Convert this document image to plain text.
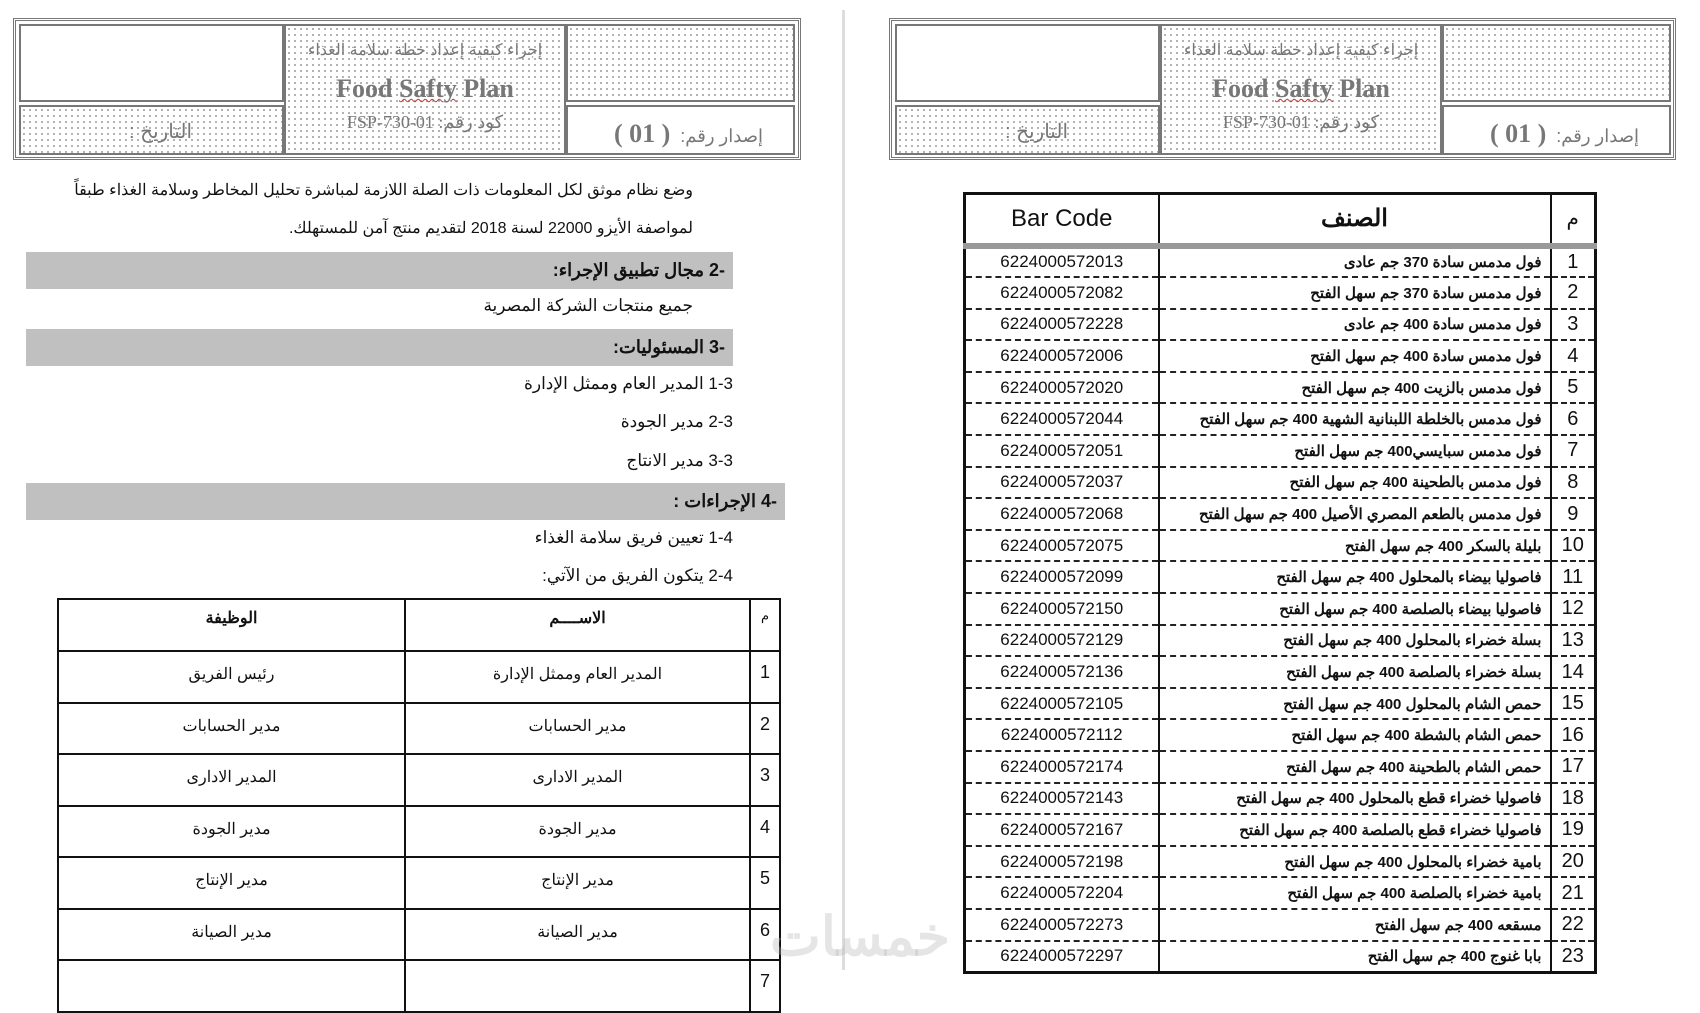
التاريخ :
إجراء كيفية إعداد خطة سلامة الغذاء
Food Safty Plan
كود رقم: FSP-730-01
إصدار رقم:( 01 )	التاريخ :
إجراء كيفية إعداد خطة سلامة الغذاء
Food Safty Plan
كود رقم: FSP-730-01
إصدار رقم:( 01 )
وضع نظام موثق لكل المعلومات ذات الصلة اللازمة لمباشرة تحليل المخاطر وسلامة الغذاء طبقاً
لمواصفة الأيزو 22000 لسنة 2018 لتقديم منتج آمن للمستهلك.
-2 مجال تطبيق الإجراء:
جميع منتجات الشركة المصرية
-3 المسئوليات:
1-3 المدير العام وممثل الإدارة
2-3 مدير الجودة
3-3 مدير الانتاج
-4 الإجراءات :
1-4 تعيين فريق سلامة الغذاء
2-4 يتكون الفريق من الآتي:
م	الاســــم	الوظيفة
1	المدير العام وممثل الإدارة	رئيس الفريق
2	مدير الحسابات	مدير الحسابات
3	المدير الادارى	المدير الادارى
4	مدير الجودة	مدير الجودة
5	مدير الإنتاج	مدير الإنتاج
6	مدير الصيانة	مدير الصيانة
7		
م	الصنف	Bar Code
1	فول مدمس سادة 370 جم عادى	6224000572013
2	فول مدمس سادة 370 جم سهل الفتح	6224000572082
3	فول مدمس سادة 400 جم عادى	6224000572228
4	فول مدمس سادة 400 جم سهل الفتح	6224000572006
5	فول مدمس بالزيت 400 جم سهل الفتح	6224000572020
6	فول مدمس بالخلطة اللبنانية الشهية 400 جم سهل الفتح	6224000572044
7	فول مدمس سبايسي400 جم سهل الفتح	6224000572051
8	فول مدمس بالطحينة 400 جم سهل الفتح	6224000572037
9	فول مدمس بالطعم المصري الأصيل 400 جم سهل الفتح	6224000572068
10	بليلة بالسكر 400 جم سهل الفتح	6224000572075
11	فاصوليا بيضاء بالمحلول 400 جم سهل الفتح	6224000572099
12	فاصوليا بيضاء بالصلصة 400 جم سهل الفتح	6224000572150
13	بسلة خضراء بالمحلول 400 جم سهل الفتح	6224000572129
14	بسلة خضراء بالصلصة 400 جم سهل الفتح	6224000572136
15	حمص الشام بالمحلول 400 جم سهل الفتح	6224000572105
16	حمص الشام بالشطة 400 جم سهل الفتح	6224000572112
17	حمص الشام بالطحينة 400 جم سهل الفتح	6224000572174
18	فاصوليا خضراء قطع بالمحلول 400 جم سهل الفتح	6224000572143
19	فاصوليا خضراء قطع بالصلصة 400 جم سهل الفتح	6224000572167
20	بامية خضراء بالمحلول 400 جم سهل الفتح	6224000572198
21	بامية خضراء بالصلصة 400 جم سهل الفتح	6224000572204
22	مسقعه 400 جم سهل الفتح	6224000572273
23	بابا غنوج 400 جم سهل الفتح	6224000572297
خمسات
